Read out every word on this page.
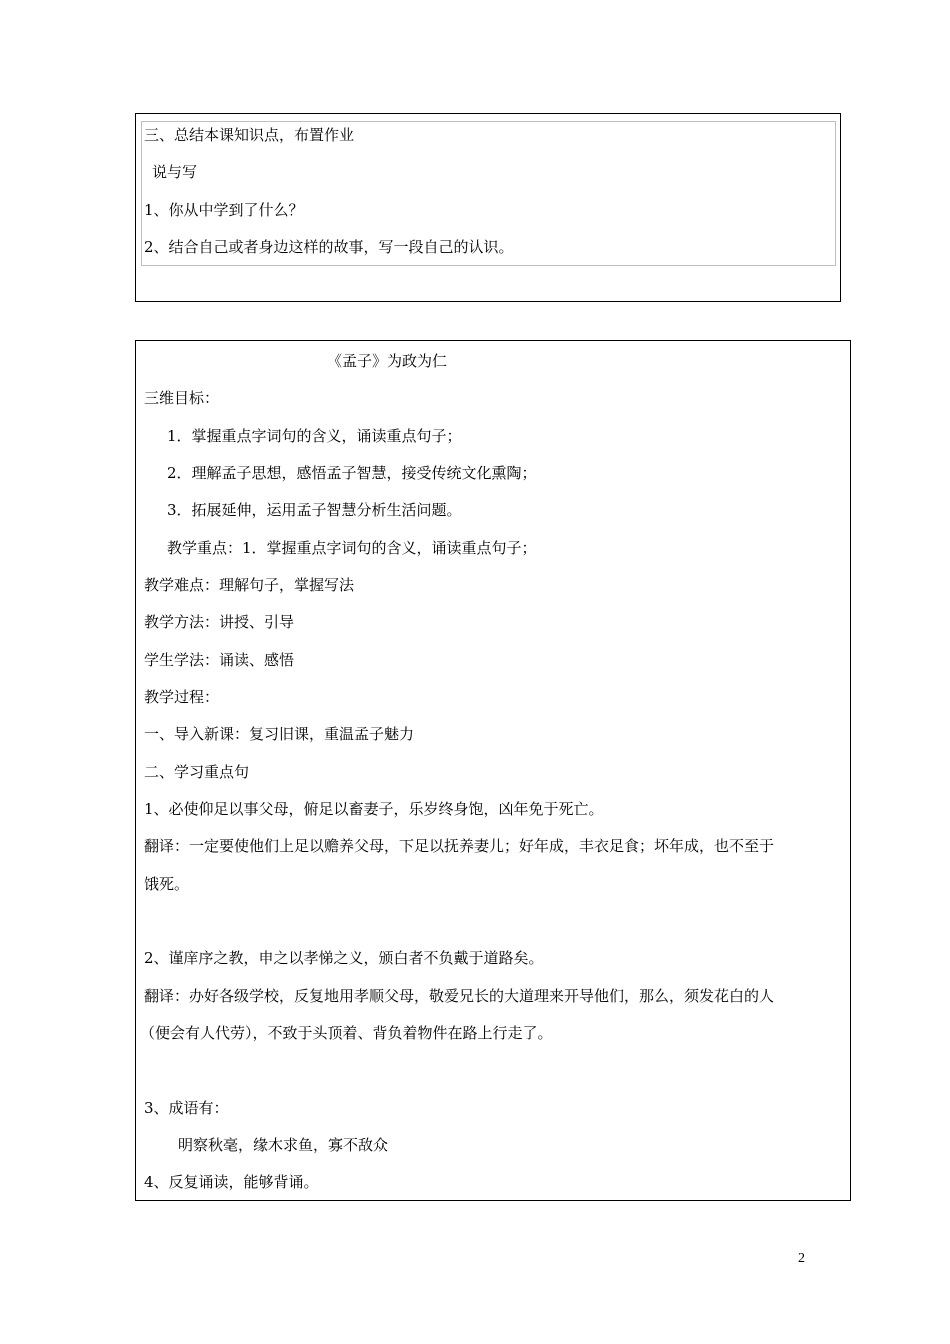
三、总结本课知识点，布置作业
说与写
1、你从中学到了什么？
2、结合自己或者身边这样的故事，写一段自己的认识。
《孟子》为政为仁
三维目标：
1．掌握重点字词句的含义，诵读重点句子；
2．理解孟子思想，感悟孟子智慧，接受传统文化熏陶；
3．拓展延伸，运用孟子智慧分析生活问题。
教学重点：1．掌握重点字词句的含义，诵读重点句子；
教学难点：理解句子，掌握写法
教学方法：讲授、引导
学生学法：诵读、感悟
教学过程：
一、导入新课：复习旧课，重温孟子魅力
二、学习重点句
1、必使仰足以事父母，俯足以畜妻子，乐岁终身饱，凶年免于死亡。
翻译：一定要使他们上足以赡养父母，下足以抚养妻儿；好年成，丰衣足食；坏年成，也不至于
饿死。
2、谨庠序之教，申之以孝悌之义，颁白者不负戴于道路矣。
翻译：办好各级学校，反复地用孝顺父母，敬爱兄长的大道理来开导他们，那么，须发花白的人
（便会有人代劳），不致于头顶着、背负着物件在路上行走了。
3、成语有：
明察秋毫，缘木求鱼，寡不敌众
4、反复诵读，能够背诵。
2
